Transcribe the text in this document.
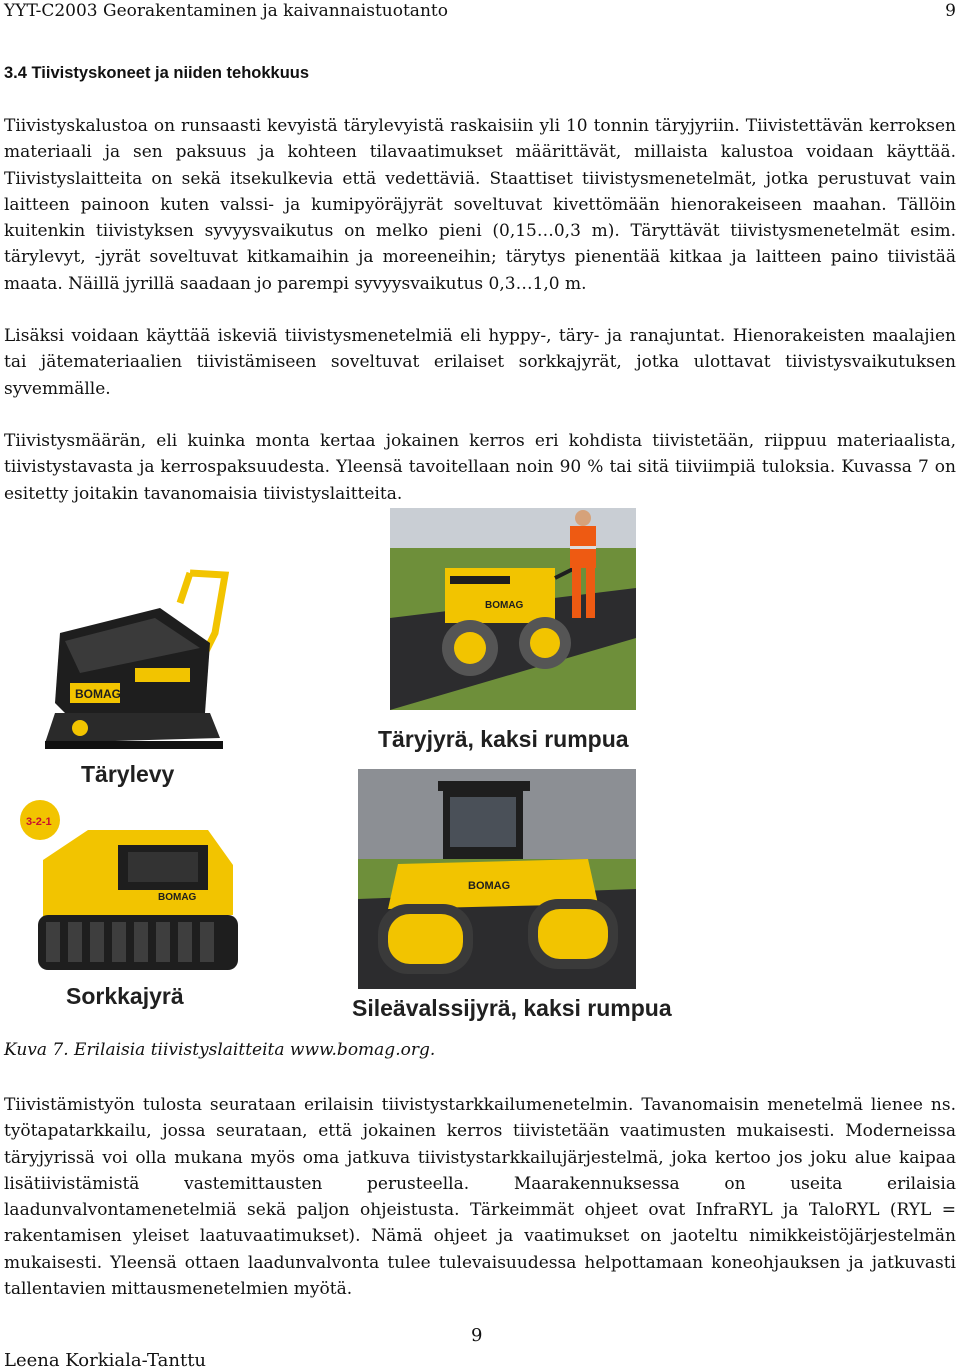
YYT-C2003 Georakentaminen ja kaivannaistuotanto	9
3.4 Tiivistyskoneet ja niiden tehokkuus

Tiivistyskalustoa on runsaasti kevyistä tärylevyistä raskaisiin yli 10 tonnin täryjyriin. Tiivistettävän kerroksen materiaali ja sen paksuus ja kohteen tilavaatimukset määrittävät, millaista kalustoa voidaan käyttää. Tiivistyslaitteita on sekä itsekulkevia että vedettäviä. Staattiset tiivistysmenetelmät, jotka perustuvat vain laitteen painoon kuten valssi- ja kumipyöräjyrät soveltuvat kivettömään hienorakeiseen maahan. Tällöin kuitenkin tiivistyksen syvyysvaikutus on melko pieni (0,15…0,3 m). Täryttävät tiivistysmenetelmät esim. tärylevyt, -jyrät soveltuvat kitkamaihin ja moreeneihin; tärytys pienentää kitkaa ja laitteen paino tiivistää maata. Näillä jyrillä saadaan jo parempi syvyysvaikutus 0,3…1,0 m.

Lisäksi voidaan käyttää iskeviä tiivistysmenetelmiä eli hyppy-, täry- ja ranajuntat. Hienorakeisten maalajien tai jätemateriaalien tiivistämiseen soveltuvat erilaiset sorkkajyrät, jotka ulottavat tiivistysvaikutuksen syvemmälle.

Tiivistysmäärän, eli kuinka monta kertaa jokainen kerros eri kohdista tiivistetään, riippuu materiaalista, tiivistystavasta ja kerrospaksuudesta. Yleensä tavoitellaan noin 90 % tai sitä tiiviimpiä tuloksia. Kuvassa 7 on esitetty joitakin tavanomaisia tiivistyslaitteita.

BOMAG
Tärylevy
BOMAG
Täryjyrä, kaksi rumpua
3-2-1
BOMAG
Sorkkajyrä
BOMAG
Sileävalssijyrä, kaksi rumpua
Kuva 7. Erilaisia tiivistyslaitteita www.bomag.org.

Tiivistämistyön tulosta seurataan erilaisin tiivistystarkkailumenetelmin. Tavanomaisin menetelmä lienee ns. työtapatarkkailu, jossa seurataan, että jokainen kerros tiivistetään vaatimusten mukaisesti. Moderneissa täryjyrissä voi olla mukana myös oma jatkuva tiivistystarkkailujärjestelmä, joka kertoo jos joku alue kaipaa lisätiivistämistä vastemittausten perusteella. Maarakennuksessa on useita erilaisia laadunvalvontamenetelmiä sekä paljon ohjeistusta. Tärkeimmät ohjeet ovat InfraRYL ja TaloRYL (RYL = rakentamisen yleiset laatuvaatimukset). Nämä ohjeet ja vaatimukset on jaoteltu nimikkeistöjärjestelmän mukaisesti. Yleensä ottaen laadunvalvonta tulee tulevaisuudessa helpottamaan koneohjauksen ja jatkuvasti tallentavien mittausmenetelmien myötä.

9
Leena Korkiala-Tanttu
